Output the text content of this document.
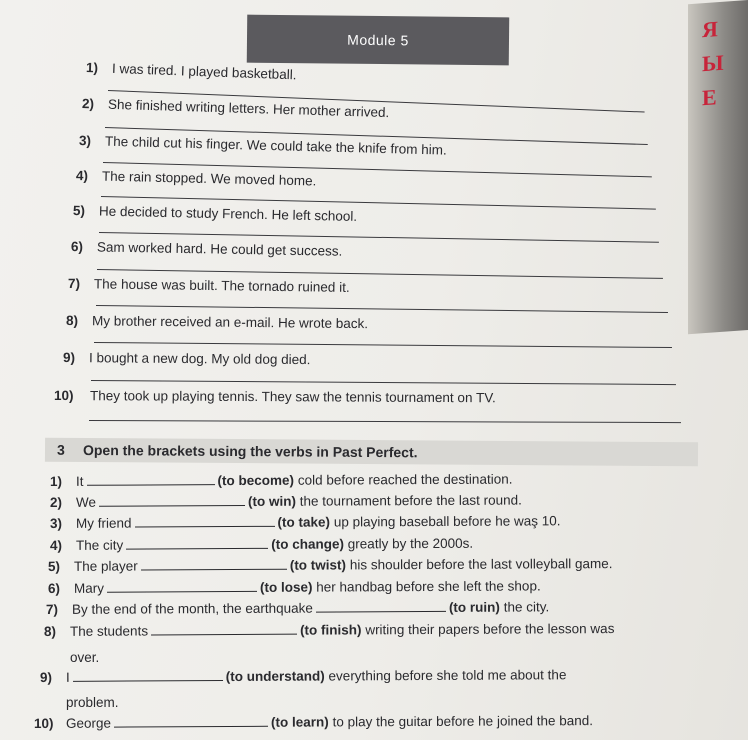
Я
Ы
Е
Module 5
1) I was tired. I played basketball.
2) She finished writing letters. Her mother arrived.
3) The child cut his finger. We could take the knife from him.
4) The rain stopped. We moved home.
5) He decided to study French. He left school.
6) Sam worked hard. He could get success.
7) The house was built. The tornado ruined it.
8) My brother received an e-mail. He wrote back.
9) I bought a new dog. My old dog died.
10) They took up playing tennis. They saw the tennis tournament on TV.
3	Open the brackets using the verbs in Past Perfect.
1) It	(to become) cold before reached the destination.
2) We	(to win) the tournament before the last round.
3) My friend	(to take) up playing baseball before he waş 10.
4) The city	(to change) greatly by the 2000s.
5) The player	(to twist) his shoulder before the last volleyball game.
6) Mary	(to lose) her handbag before she left the shop.
7) By the end of the month, the earthquake	(to ruin) the city.
8) The students	(to finish) writing their papers before the lesson was
over.
9) I	(to understand) everything before she told me about the
problem.
10) George	(to learn) to play the guitar before he joined the band.
